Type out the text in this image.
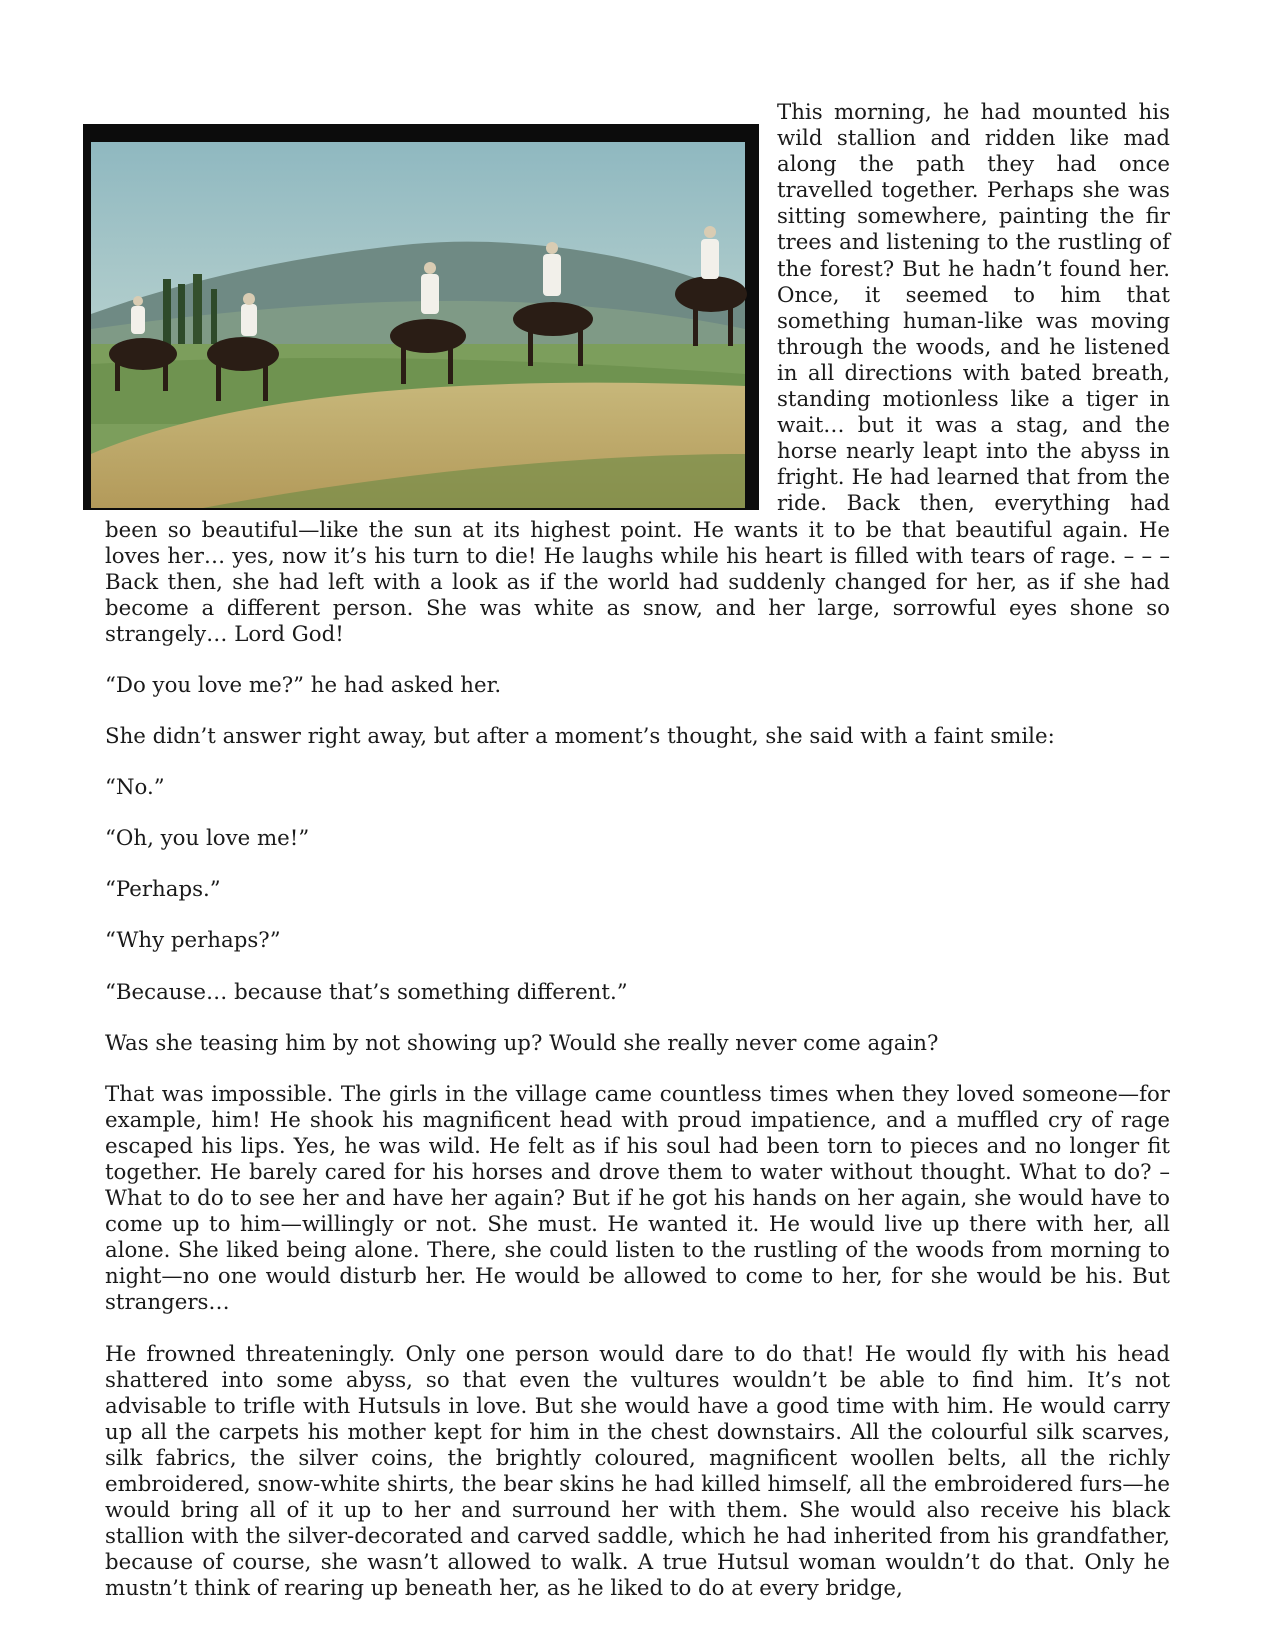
This morning, he had mounted his wild stallion and ridden like mad along the path they had once travelled together. Perhaps she was sitting somewhere, painting the fir trees and listening to the rustling of the forest? But he hadn’t found her. Once, it seemed to him that something human-like was moving through the woods, and he listened in all directions with bated breath, standing motionless like a tiger in wait… but it was a stag, and the horse nearly leapt into the abyss in fright. He had learned that from the ride. Back then, everything had been so beautiful—like the sun at its highest point. He wants it to be that beautiful again. He loves her… yes, now it’s his turn to die! He laughs while his heart is filled with tears of rage. – – – Back then, she had left with a look as if the world had suddenly changed for her, as if she had become a different person. She was white as snow, and her large, sorrowful eyes shone so strangely… Lord God!

“Do you love me?” he had asked her.

She didn’t answer right away, but after a moment’s thought, she said with a faint smile:

“No.”

“Oh, you love me!”

“Perhaps.”

“Why perhaps?”

“Because… because that’s something different.”

Was she teasing him by not showing up? Would she really never come again?

That was impossible. The girls in the village came countless times when they loved someone—for example, him! He shook his magnificent head with proud impatience, and a muffled cry of rage escaped his lips. Yes, he was wild. He felt as if his soul had been torn to pieces and no longer fit together. He barely cared for his horses and drove them to water without thought. What to do? – What to do to see her and have her again? But if he got his hands on her again, she would have to come up to him—willingly or not. She must. He wanted it. He would live up there with her, all alone. She liked being alone. There, she could listen to the rustling of the woods from morning to night—no one would disturb her. He would be allowed to come to her, for she would be his. But strangers…

He frowned threateningly. Only one person would dare to do that! He would fly with his head shattered into some abyss, so that even the vultures wouldn’t be able to find him. It’s not advisable to trifle with Hutsuls in love. But she would have a good time with him. He would carry up all the carpets his mother kept for him in the chest downstairs. All the colourful silk scarves, silk fabrics, the silver coins, the brightly coloured, magnificent woollen belts, all the richly embroidered, snow-white shirts, the bear skins he had killed himself, all the embroidered furs—he would bring all of it up to her and surround her with them. She would also receive his black stallion with the silver-decorated and carved saddle, which he had inherited from his grandfather, because of course, she wasn’t allowed to walk. A true Hutsul woman wouldn’t do that. Only he mustn’t think of rearing up beneath her, as he liked to do at every bridge,
